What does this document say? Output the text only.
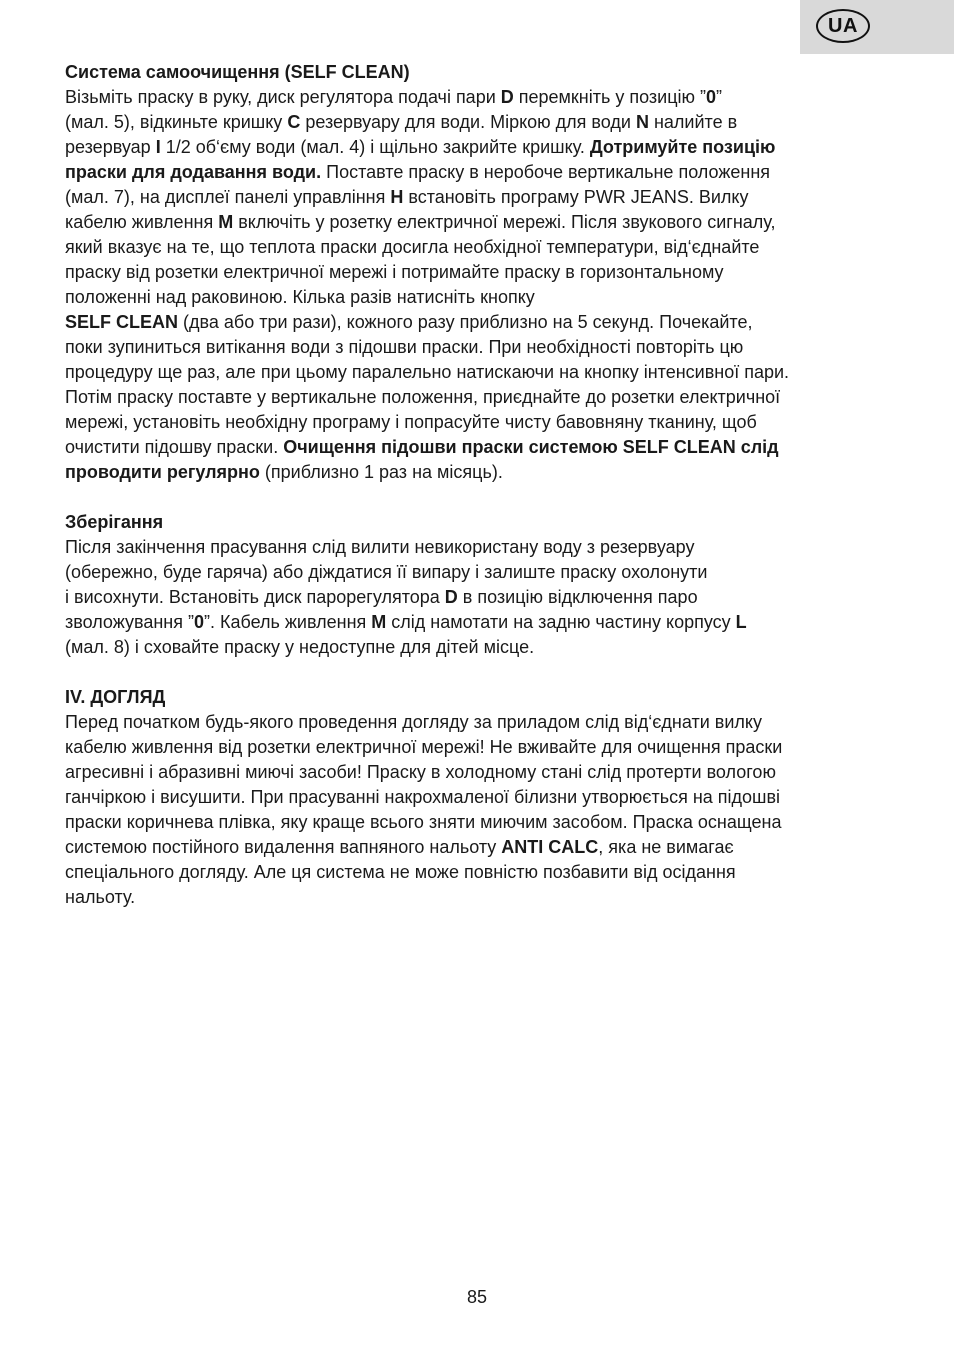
UA
Система самоочищення (SELF CLEAN)

Візьміть праску в руку, диск регулятора подачі пари D перемкніть у позицію ”0”
(мал. 5), відкиньте кришку C резервуару для води. Міркою для води N налийте в
резервуар I 1/2 об‘єму води (мал. 4) і щільно закрийте кришку. Дотримуйте позицію
праски для додавання води. Поставте праску в неробоче вертикальне положення
(мал. 7), на дисплеї панелі управління H встановіть програму PWR JEANS. Вилку
кабелю живлення M включіть у розетку електричної мережі. Після звукового сигналу,
який вказує на те, що теплота праски досигла необхідної температури, від‘єднайте
праску від розетки електричної мережі і потримайте праску в горизонтальному
положенні над раковиною. Кілька разів натисніть кнопку
SELF CLEAN (два або три рази), кожного разу приблизно на 5 секунд. Почекайте,
поки зупиниться витікання води з підошви праски. При необхідності повторіть цю
процедуру ще раз, але при цьому паралельно натискаючи на кнопку інтенсивної пари.
Потім праску поставте у вертикальне положення, приєднайте до розетки електричної
мережі, установіть необхідну програму і попрасуйте чисту бавовняну тканину, щоб
очистити підошву праски. Очищення підошви праски системою SELF CLEAN слід
проводити регулярно (приблизно 1 раз на місяць).

Зберігання

Після закінчення прасування слід вилити невикористану воду з резервуару
(обережно, буде гаряча) або діждатися її випару і залиште праску охолонути
і висохнути. Встановіть диск парорегулятора D в позицію відключення паро
зволожування ”0”. Кабель живлення M слід намотати на задню частину корпусу L
(мал. 8) і сховайте праску у недоступне для дітей місце.

IV. ДОГЛЯД

Перед початком будь-якого проведення догляду за приладом слід від‘єднати вилку
кабелю живлення від розетки електричної мережі! Не вживайте для очищення праски
агресивні і абразивні миючі засоби! Праску в холодному стані слід протерти вологою
ганчіркою і висушити. При прасуванні накрохмаленої білизни утворюється на підошві
праски коричнева плівка, яку краще всього зняти миючим засобом. Праска оснащена
системою постійного видалення вапняного нальоту ANTI CALC, яка не вимагає
спеціального догляду. Але ця система не може повністю позбавити від осідання
нальоту.

85
